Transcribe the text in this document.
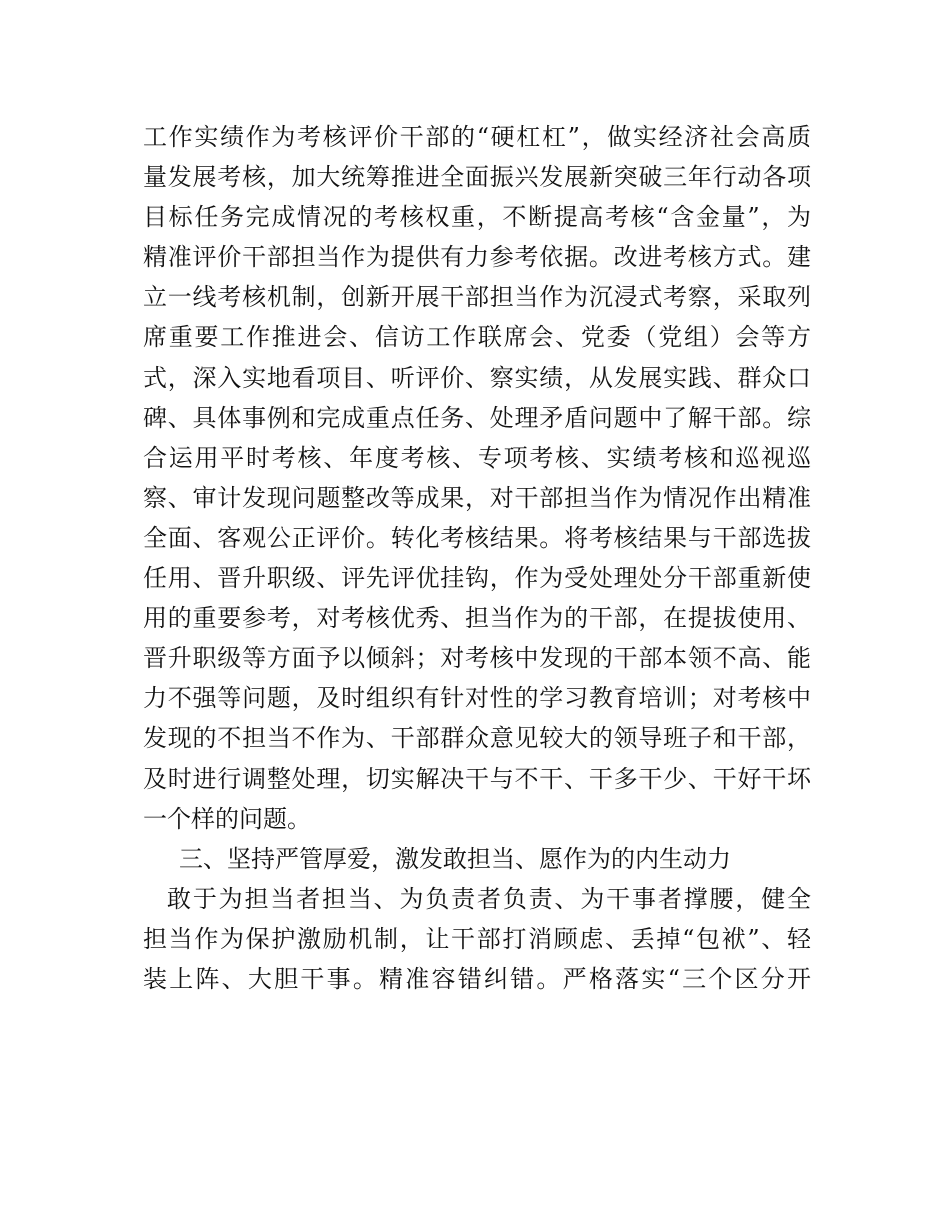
工作实绩作为考核评价干部的“硬杠杠”，做实经济社会高质
量发展考核，加大统筹推进全面振兴发展新突破三年行动各项
目标任务完成情况的考核权重，不断提高考核“含金量”，为
精准评价干部担当作为提供有力参考依据。改进考核方式。建
立一线考核机制，创新开展干部担当作为沉浸式考察，采取列
席重要工作推进会、信访工作联席会、党委（党组）会等方
式，深入实地看项目、听评价、察实绩，从发展实践、群众口
碑、具体事例和完成重点任务、处理矛盾问题中了解干部。综
合运用平时考核、年度考核、专项考核、实绩考核和巡视巡
察、审计发现问题整改等成果，对干部担当作为情况作出精准
全面、客观公正评价。转化考核结果。将考核结果与干部选拔
任用、晋升职级、评先评优挂钩，作为受处理处分干部重新使
用的重要参考，对考核优秀、担当作为的干部，在提拔使用、
晋升职级等方面予以倾斜；对考核中发现的干部本领不高、能
力不强等问题，及时组织有针对性的学习教育培训；对考核中
发现的不担当不作为、干部群众意见较大的领导班子和干部，
及时进行调整处理，切实解决干与不干、干多干少、干好干坏
一个样的问题。
三、坚持严管厚爱，激发敢担当、愿作为的内生动力
敢于为担当者担当、为负责者负责、为干事者撑腰，健全
担当作为保护激励机制，让干部打消顾虑、丢掉“包袱”、轻
装上阵、大胆干事。精准容错纠错。严格落实“三个区分开
